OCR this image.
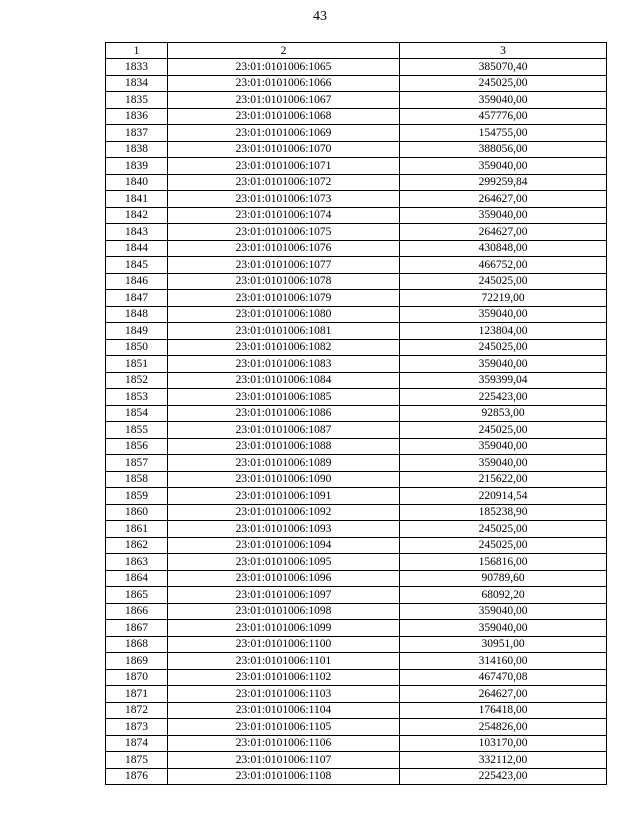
43
1	2	3
1833	23:01:0101006:1065	385070,40
1834	23:01:0101006:1066	245025,00
1835	23:01:0101006:1067	359040,00
1836	23:01:0101006:1068	457776,00
1837	23:01:0101006:1069	154755,00
1838	23:01:0101006:1070	388056,00
1839	23:01:0101006:1071	359040,00
1840	23:01:0101006:1072	299259,84
1841	23:01:0101006:1073	264627,00
1842	23:01:0101006:1074	359040,00
1843	23:01:0101006:1075	264627,00
1844	23:01:0101006:1076	430848,00
1845	23:01:0101006:1077	466752,00
1846	23:01:0101006:1078	245025,00
1847	23:01:0101006:1079	72219,00
1848	23:01:0101006:1080	359040,00
1849	23:01:0101006:1081	123804,00
1850	23:01:0101006:1082	245025,00
1851	23:01:0101006:1083	359040,00
1852	23:01:0101006:1084	359399,04
1853	23:01:0101006:1085	225423,00
1854	23:01:0101006:1086	92853,00
1855	23:01:0101006:1087	245025,00
1856	23:01:0101006:1088	359040,00
1857	23:01:0101006:1089	359040,00
1858	23:01:0101006:1090	215622,00
1859	23:01:0101006:1091	220914,54
1860	23:01:0101006:1092	185238,90
1861	23:01:0101006:1093	245025,00
1862	23:01:0101006:1094	245025,00
1863	23:01:0101006:1095	156816,00
1864	23:01:0101006:1096	90789,60
1865	23:01:0101006:1097	68092,20
1866	23:01:0101006:1098	359040,00
1867	23:01:0101006:1099	359040,00
1868	23:01:0101006:1100	30951,00
1869	23:01:0101006:1101	314160,00
1870	23:01:0101006:1102	467470,08
1871	23:01:0101006:1103	264627,00
1872	23:01:0101006:1104	176418,00
1873	23:01:0101006:1105	254826,00
1874	23:01:0101006:1106	103170,00
1875	23:01:0101006:1107	332112,00
1876	23:01:0101006:1108	225423,00
